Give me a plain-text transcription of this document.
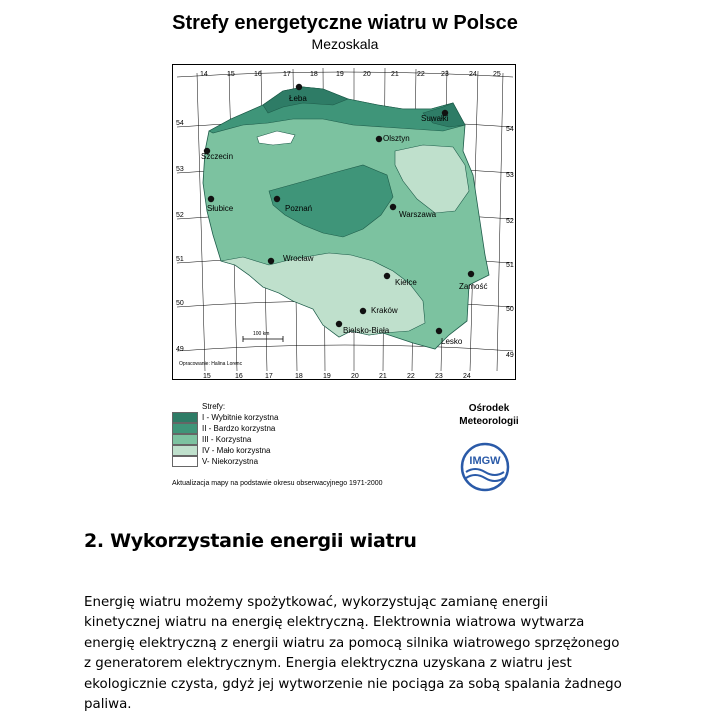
Strefy energetyczne wiatru w Polsce
Mezoskala
100 km
Opracowanie: Halina Lorenc
14	15	16	17	18	19	20	21	22 23	24 25
15	16	17	18	19	20	21	22	23	24
54
53
52
51
50
49
54
53
52
51
50
49
Łeba
Suwałki
Olsztyn
Szczecin
Słubice	Poznań
Warszawa
Wrocław
Kielce	Zamość
Kraków
Bielsko-Biała
Lesko
Strefy:
I - Wybitnie korzystna
II - Bardzo korzystna
III - Korzystna
IV - Mało korzystna
V- Niekorzystna
Ośrodek
Meteorologii
IMGW
Aktualizacja mapy na podstawie okresu obserwacyjnego 1971-2000
2. Wykorzystanie energii wiatru
Energię wiatru możemy spożytkować, wykorzystując zamianę energii
kinetycznej wiatru na energię elektryczną. Elektrownia wiatrowa wytwarza
energię elektryczną z energii wiatru za pomocą silnika wiatrowego sprzężonego
z generatorem elektrycznym. Energia elektryczna uzyskana z wiatru jest
ekologicznie czysta, gdyż jej wytworzenie nie pociąga za sobą spalania żadnego
paliwa.
